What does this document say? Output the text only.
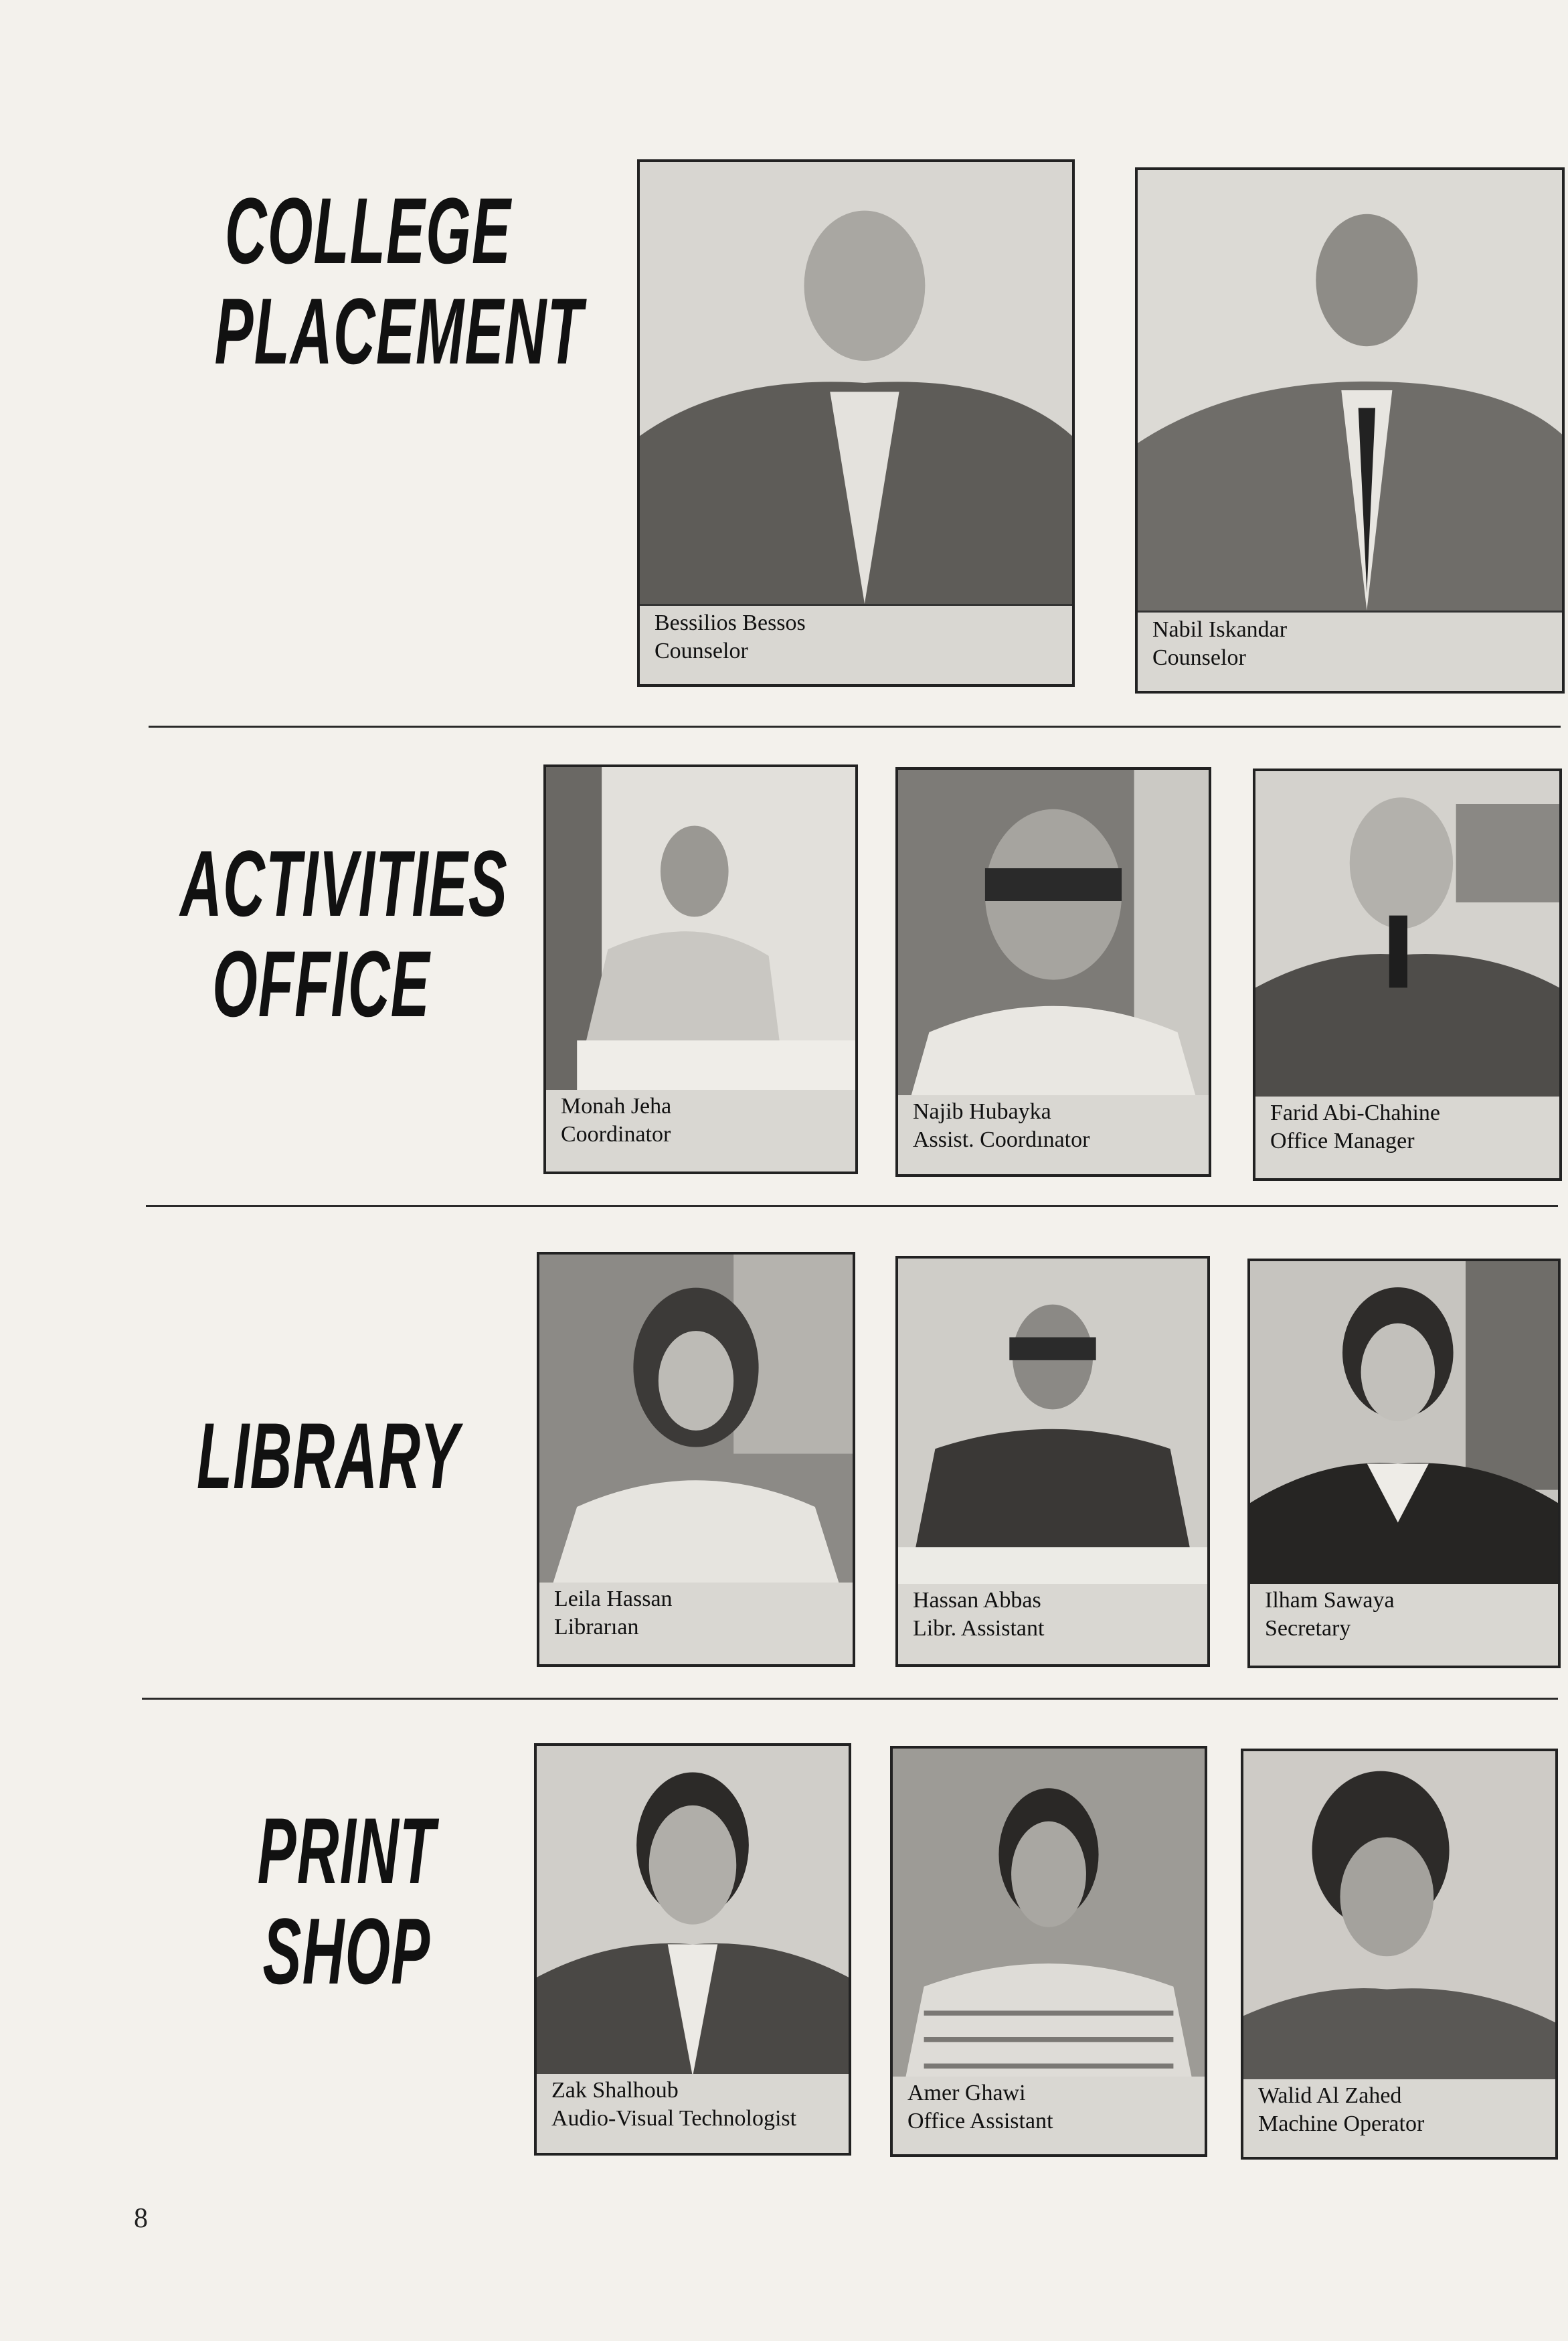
COLLEGE
PLACEMENT
Bessilios Bessos
Counselor
Nabil Iskandar
Counselor
ACTIVITIES
OFFICE
Monah Jeha
Coordinator
Najib Hubayka
Assist. Coordınator
Farid Abi-Chahine
Office Manager
LIBRARY
Leila Hassan
Librarıan
Hassan Abbas
Libr. Assistant
Ilham Sawaya
Secretary
PRINT
SHOP
Zak Shalhoub
Audio-Visual Technologist
Amer Ghawi
Office Assistant
Walid Al Zahed
Machine Operator
8
